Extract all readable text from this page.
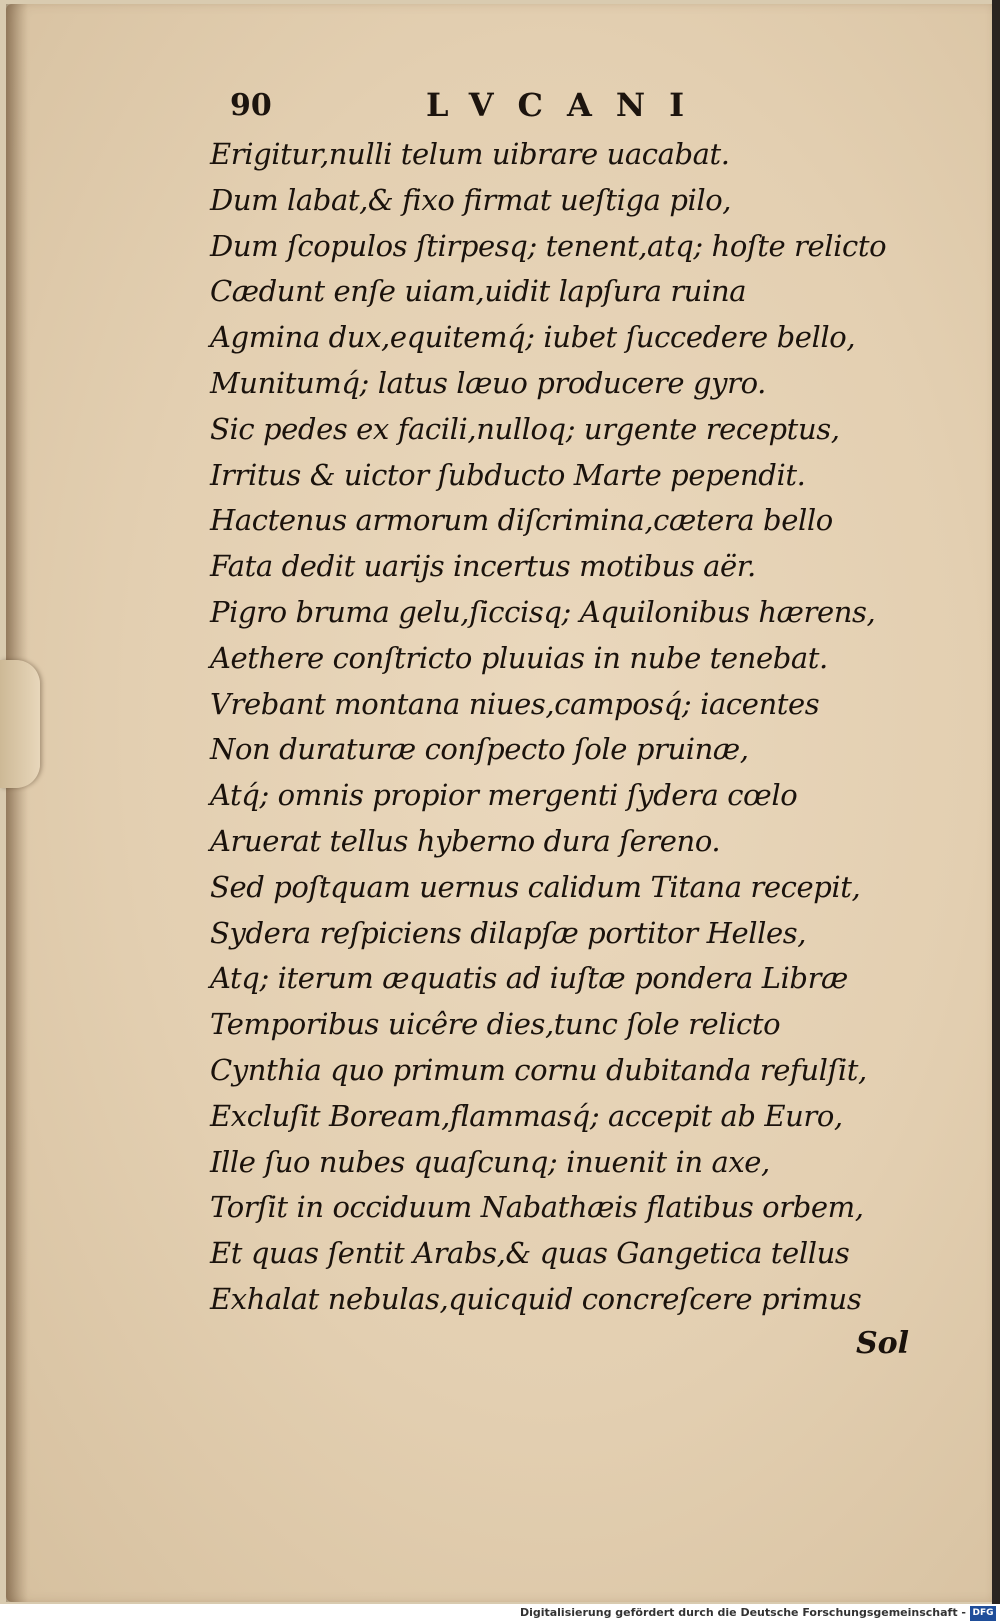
90	LVCANI
Erigitur,nulli telum uibrare uacabat.
Dum labat,& fixo firmat ueſtiga pilo,
Dum ſcopulos ſtirpesq; tenent,atq; hoſte relicto
Cædunt enſe uiam,uidit lapſura ruina
Agmina dux,equitemq́; iubet ſuccedere bello,
Munitumq́; latus læuo producere gyro.
Sic pedes ex facili,nulloq; urgente receptus,
Irritus & uictor ſubducto Marte pependit.
Hactenus armorum diſcrimina,cætera bello
Fata dedit uarijs incertus motibus aër.
Pigro bruma gelu,ſiccisq; Aquilonibus hærens,
Aethere conſtricto pluuias in nube tenebat.
Vrebant montana niues,camposq́; iacentes
Non duraturæ conſpecto ſole pruinæ,
Atq́; omnis propior mergenti ſydera cœlo
Aruerat tellus hyberno dura ſereno.
Sed poſtquam uernus calidum Titana recepit,
Sydera reſpiciens dilapſæ portitor Helles,
Atq; iterum æquatis ad iuſtæ pondera Libræ
Temporibus uicêre dies,tunc ſole relicto
Cynthia quo primum cornu dubitanda refulſit,
Excluſit Boream,flammasq́; accepit ab Euro,
Ille ſuo nubes quaſcunq; inuenit in axe,
Torſit in occiduum Nabathæis flatibus orbem,
Et quas ſentit Arabs,& quas Gangetica tellus
Exhalat nebulas,quicquid concreſcere primus
Sol
Digitalisierung gefördert durch die Deutsche Forschungsgemeinschaft - DFG
